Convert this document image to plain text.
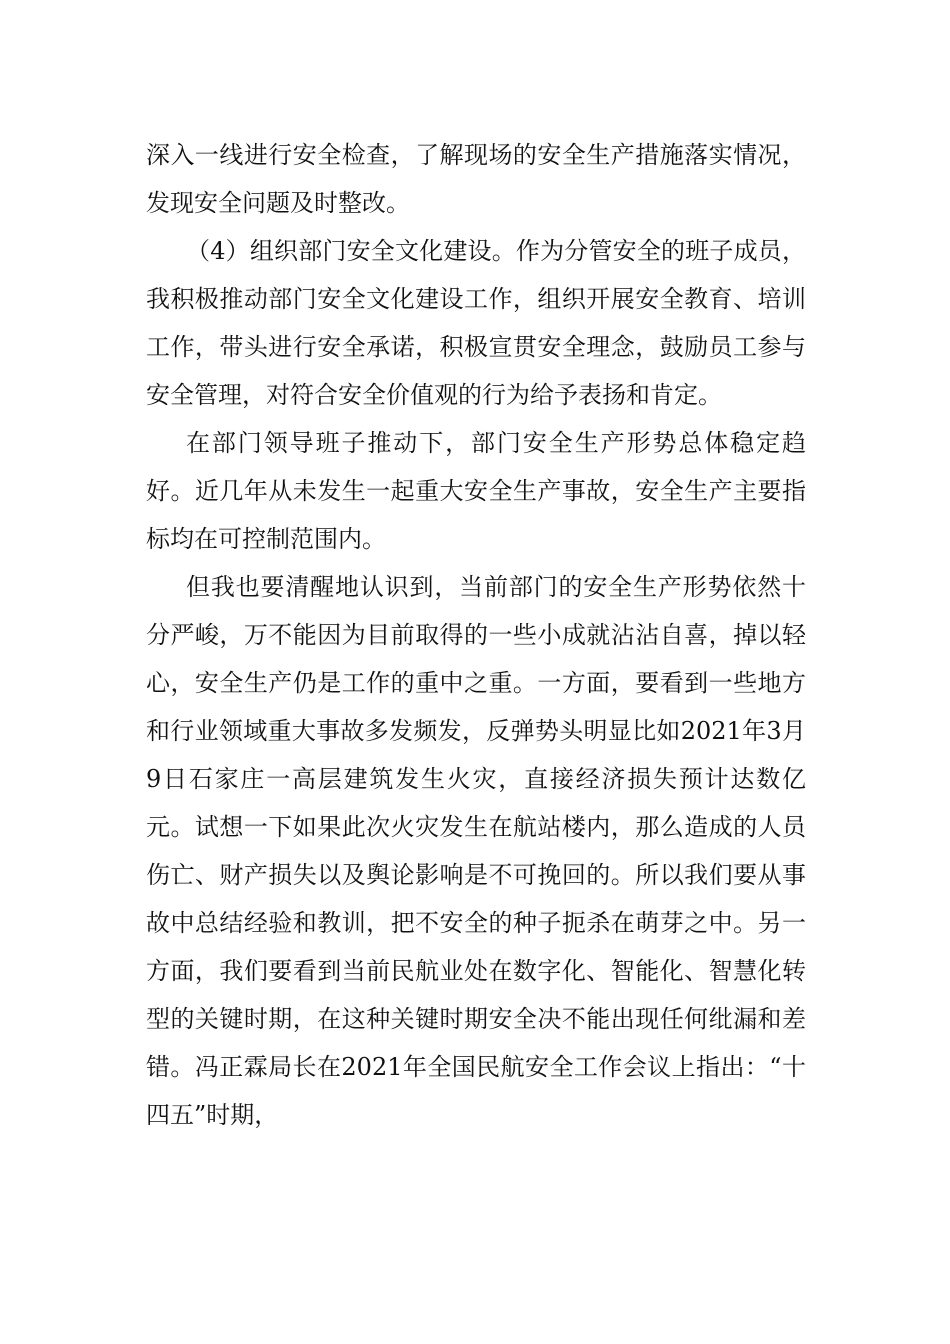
深入一线进行安全检查，了解现场的安全生产措施落实情况，发现安全问题及时整改。

（4）组织部门安全文化建设。作为分管安全的班子成员，我积极推动部门安全文化建设工作，组织开展安全教育、培训工作，带头进行安全承诺，积极宣贯安全理念，鼓励员工参与安全管理，对符合安全价值观的行为给予表扬和肯定。

在部门领导班子推动下，部门安全生产形势总体稳定趋好。近几年从未发生一起重大安全生产事故，安全生产主要指标均在可控制范围内。

但我也要清醒地认识到，当前部门的安全生产形势依然十分严峻，万不能因为目前取得的一些小成就沾沾自喜，掉以轻心，安全生产仍是工作的重中之重。一方面，要看到一些地方和行业领域重大事故多发频发，反弹势头明显比如2021年3月9日石家庄一高层建筑发生火灾，直接经济损失预计达数亿元。试想一下如果此次火灾发生在航站楼内，那么造成的人员伤亡、财产损失以及舆论影响是不可挽回的。所以我们要从事故中总结经验和教训，把不安全的种子扼杀在萌芽之中。另一方面，我们要看到当前民航业处在数字化、智能化、智慧化转型的关键时期，在这种关键时期安全决不能出现任何纰漏和差错。冯正霖局长在2021年全国民航安全工作会议上指出：“十四五”时期，
